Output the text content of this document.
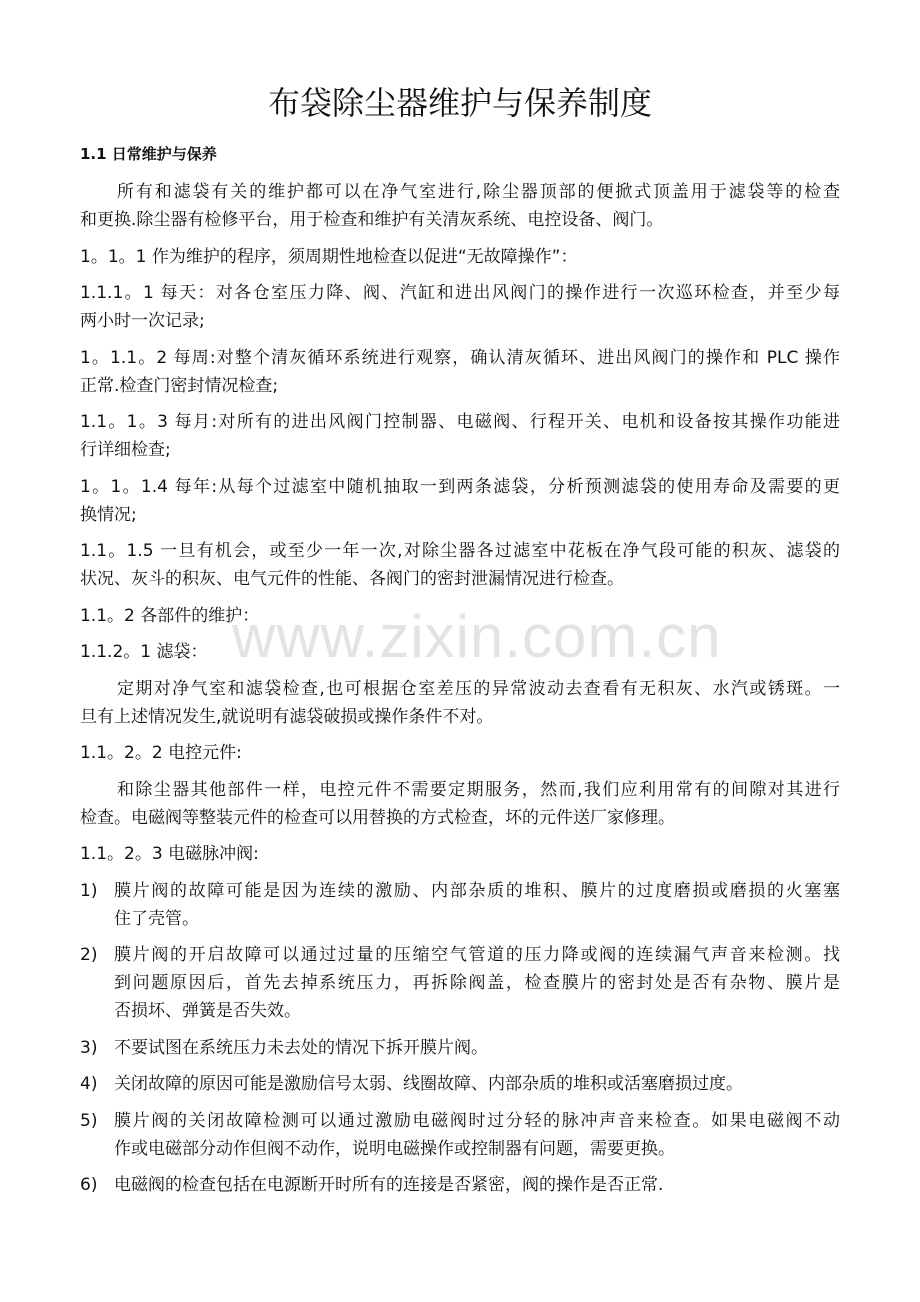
www.zixin.com.cn
布袋除尘器维护与保养制度
1.1 日常维护与保养
所有和滤袋有关的维护都可以在净气室进行,除尘器顶部的便掀式顶盖用于滤袋等的检查
和更换.除尘器有检修平台，用于检查和维护有关清灰系统、电控设备、阀门。
1。1。1 作为维护的程序，须周期性地检查以促进“无故障操作”：
1.1.1。1 每天：对各仓室压力降、阀、汽缸和进出风阀门的操作进行一次巡环检查，并至少每
两小时一次记录;
1。1.1。2 每周:对整个清灰循环系统进行观察，确认清灰循环、进出风阀门的操作和 PLC 操作
正常.检查门密封情况检查;
1.1。1。3 每月:对所有的进出风阀门控制器、电磁阀、行程开关、电机和设备按其操作功能进
行详细检查;
1。1。1.4 每年:从每个过滤室中随机抽取一到两条滤袋，分析预测滤袋的使用寿命及需要的更
换情况;
1.1。1.5 一旦有机会，或至少一年一次,对除尘器各过滤室中花板在净气段可能的积灰、滤袋的
状况、灰斗的积灰、电气元件的性能、各阀门的密封泄漏情况进行检查。
1.1。2 各部件的维护：
1.1.2。1 滤袋：
定期对净气室和滤袋检查,也可根据仓室差压的异常波动去查看有无积灰、水汽或锈斑。一
旦有上述情况发生,就说明有滤袋破损或操作条件不对。
1.1。2。2 电控元件:
和除尘器其他部件一样，电控元件不需要定期服务，然而,我们应利用常有的间隙对其进行
检查。电磁阀等整装元件的检查可以用替换的方式检查，坏的元件送厂家修理。
1.1。2。3 电磁脉冲阀:
1) 膜片阀的故障可能是因为连续的激励、内部杂质的堆积、膜片的过度磨损或磨损的火塞塞
住了壳管。
2) 膜片阀的开启故障可以通过过量的压缩空气管道的压力降或阀的连续漏气声音来检测。找
到问题原因后，首先去掉系统压力，再拆除阀盖，检查膜片的密封处是否有杂物、膜片是
否损坏、弹簧是否失效。
3) 不要试图在系统压力未去处的情况下拆开膜片阀。
4) 关闭故障的原因可能是激励信号太弱、线圈故障、内部杂质的堆积或活塞磨损过度。
5) 膜片阀的关闭故障检测可以通过激励电磁阀时过分轻的脉冲声音来检查。如果电磁阀不动
作或电磁部分动作但阀不动作，说明电磁操作或控制器有问题，需要更换。
6) 电磁阀的检查包括在电源断开时所有的连接是否紧密，阀的操作是否正常.
